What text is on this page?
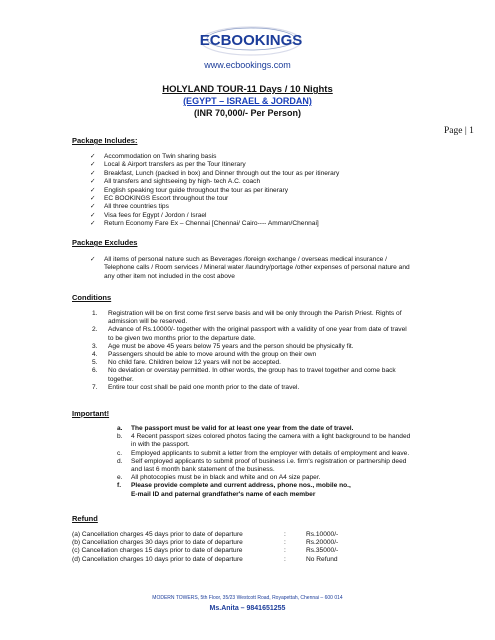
ECBOOKINGS
www.ecbookings.com
HOLYLAND TOUR-11 Days / 10 Nights
(EGYPT – ISRAEL & JORDAN)
(INR 70,000/- Per Person)
Page | 1
Package Includes:
✓ Accommodation on Twin sharing basis
✓ Local & Airport transfers as per the Tour Itinerary
✓ Breakfast, Lunch (packed in box) and Dinner through out the tour as per itinerary
✓ All transfers and sightseeing by high- tech A.C. coach
✓ English speaking tour guide throughout the tour as per itinerary
✓ EC BOOKINGS Escort throughout the tour
✓ All three countries tips
✓ Visa fees for Egypt / Jordon / Israel
✓ Return Economy Fare Ex – Chennai [Chennai/ Cairo---- Amman/Chennai]
Package Excludes
✓ All items of personal nature such as Beverages /foreign exchange / overseas medical insurance /
Telephone calls / Room services / Mineral water /laundry/portage /other expenses of personal nature and
any other item not included in the cost above
Conditions
1. Registration will be on first come first serve basis and will be only through the Parish Priest. Rights of
admission will be reserved.
2. Advance of Rs.10000/- together with the original passport with a validity of one year from date of travel
to be given two months prior to the departure date.
3. Age must be above 45 years below 75 years and the person should be physically fit.
4. Passengers should be able to move around with the group on their own
5. No child fare. Children below 12 years will not be accepted.
6. No deviation or overstay permitted. In other words, the group has to travel together and come back
together.
7. Entire tour cost shall be paid one month prior to the date of travel.
Important!
a. The passport must be valid for at least one year from the date of travel.
b. 4 Recent passport sizes colored photos facing the camera with a light background to be handed
in with the passport.
c. Employed applicants to submit a letter from the employer with details of employment and leave.
d. Self employed applicants to submit proof of business i.e. firm's registration or partnership deed
and last 6 month bank statement of the business.
e. All photocopies must be in black and white and on A4 size paper.
f. Please provide complete and current address, phone nos., mobile no.,
E-mail ID and paternal grandfather's name of each member
Refund
(a) Cancellation charges 45 days prior to date of departure	:	Rs.10000/-
(b) Cancellation charges 30 days prior to date of departure	:	Rs.20000/-
(c) Cancellation charges 15 days prior to date of departure	:	Rs.35000/-
(d) Cancellation charges 10 days prior to date of departure	:	No Refund
MODERN TOWERS, 5th Floor, 35/23 Westcott Road, Royapettah, Chennai – 600 014
Ms.Anita – 9841651255
